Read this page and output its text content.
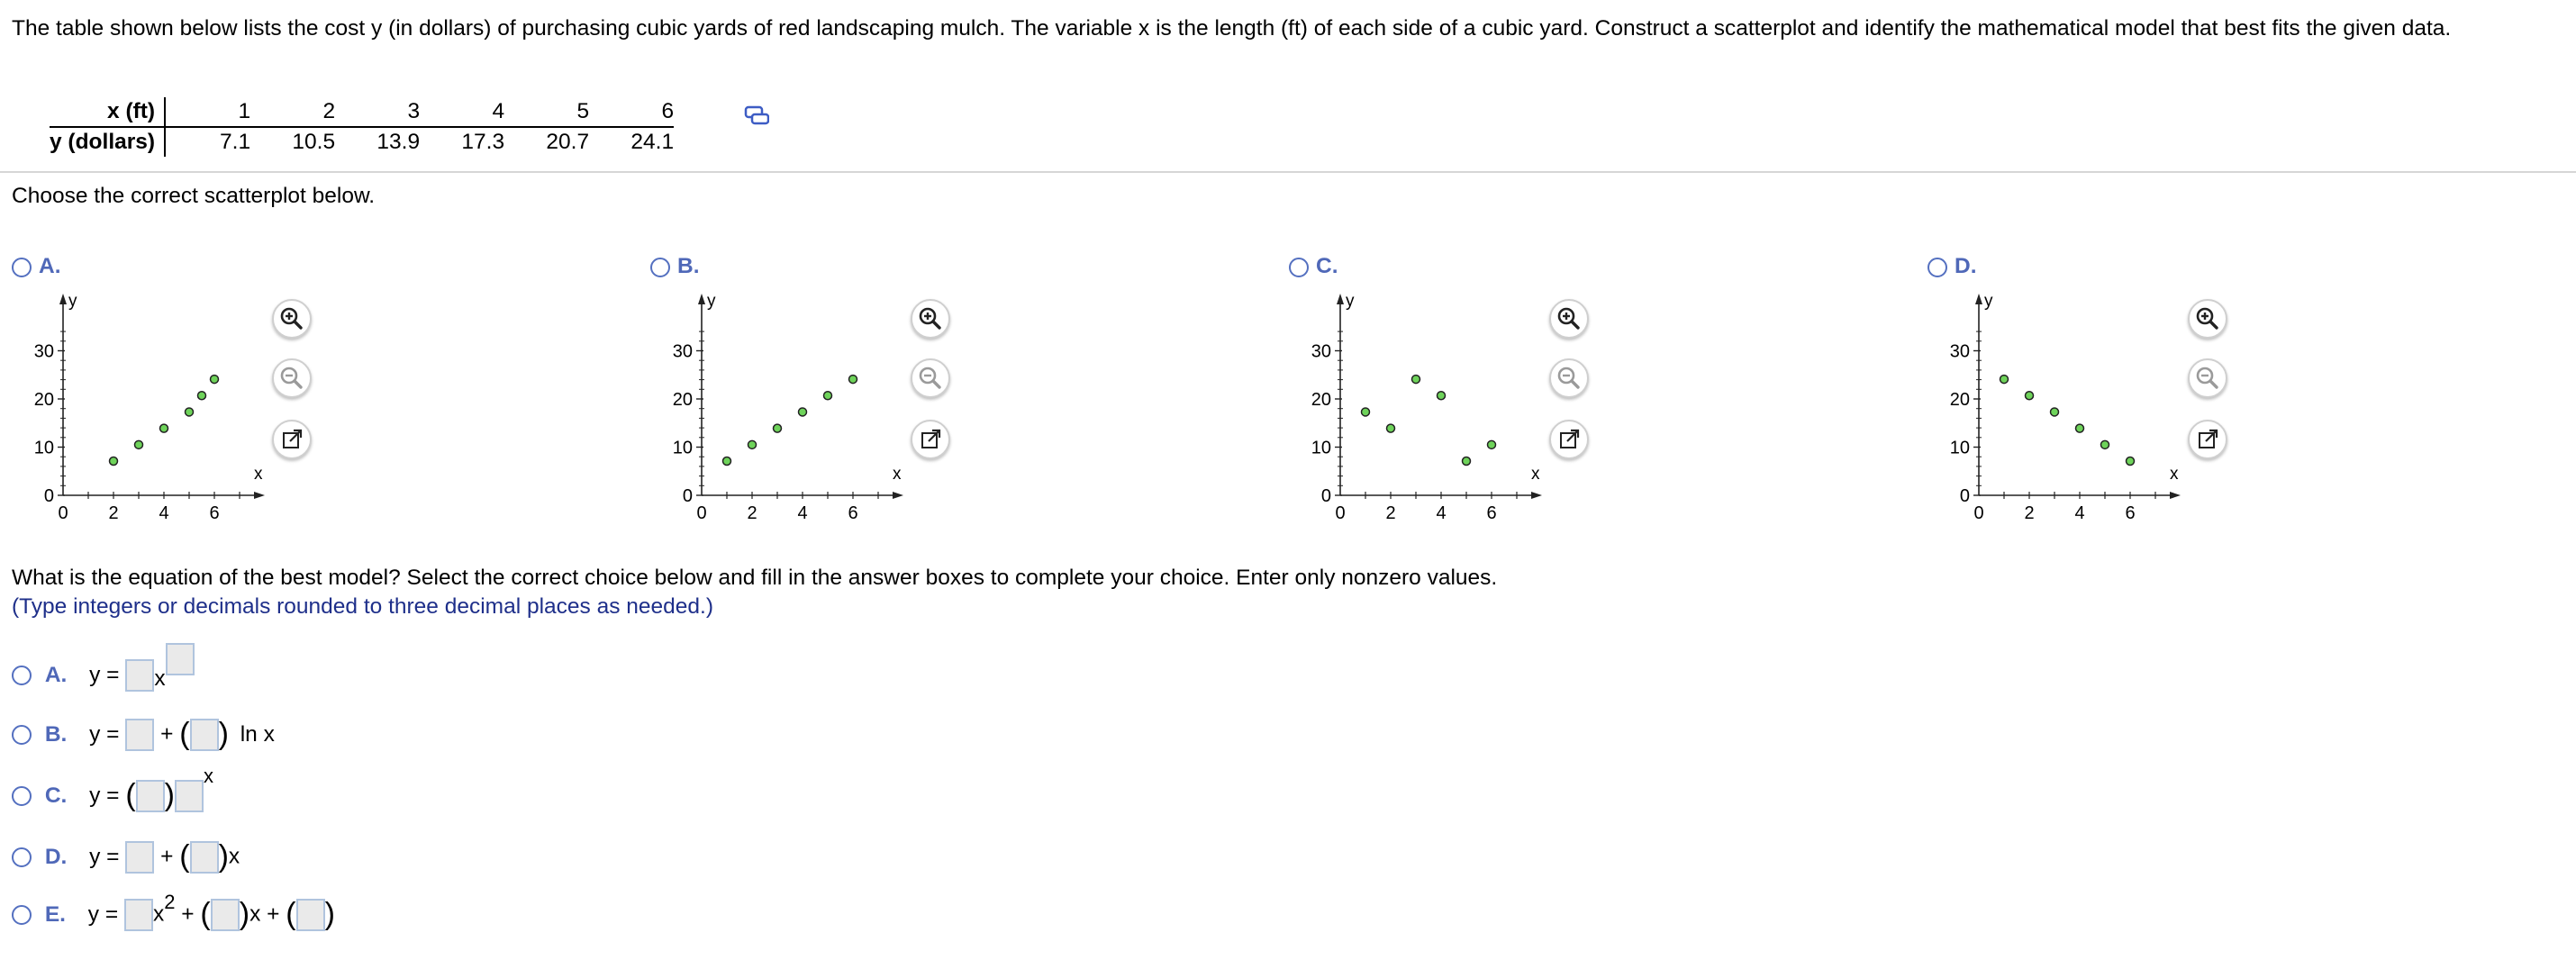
The table shown below lists the cost y (in dollars) of purchasing cubic yards of red landscaping mulch. The variable x is the length (ft) of each side of a cubic yard. Construct a scatterplot and identify the mathematical model that best fits the given data.
x (ft)	1	2	3	4	5	6
y (dollars)	7.1	10.5	13.9	17.3	20.7	24.1
Choose the correct scatterplot below.
A.
y
x
30
20
10
0
0 2 4 6
B.
y
x
30
20
10
0
0 2 4 6
C.
y
x
30
20
10
0
0 2 4 6
D.
y
x
30
20
10
0
0 2 4 6
What is the equation of the best model? Select the correct choice below and fill in the answer boxes to complete your choice. Enter only nonzero values.
(Type integers or decimals rounded to three decimal places as needed.)
A. y = x
B. y = + ( ) ln x
C. y = ( )x
D. y = + ( )x
E. y = x2 + ( )x + ( )
